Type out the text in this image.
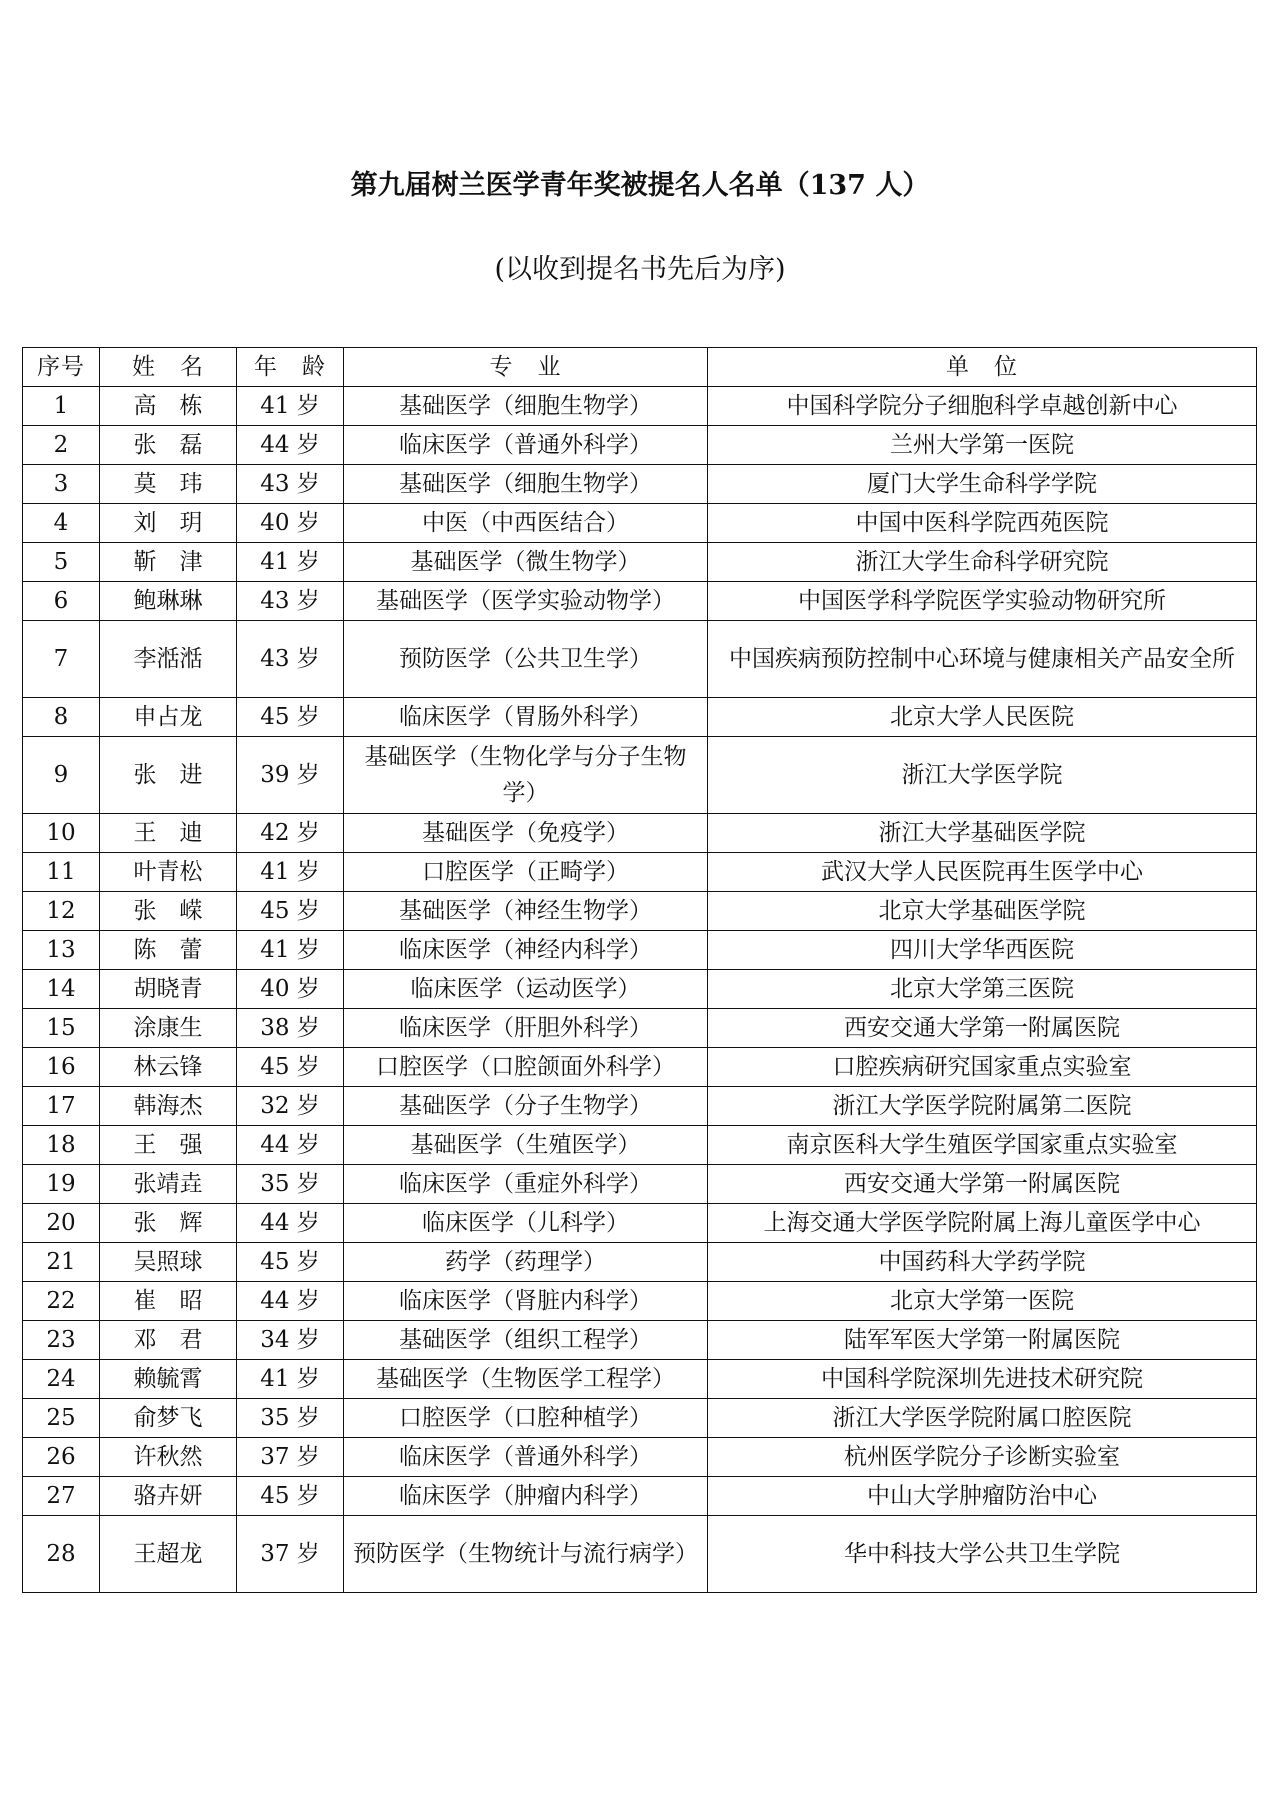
第九届树兰医学青年奖被提名人名单（137 人）

(以收到提名书先后为序)

序号	姓　名	年　龄	专　业	单　位
1	高　栋	41 岁	基础医学（细胞生物学）	中国科学院分子细胞科学卓越创新中心
2	张　磊	44 岁	临床医学（普通外科学）	兰州大学第一医院
3	莫　玮	43 岁	基础医学（细胞生物学）	厦门大学生命科学学院
4	刘　玥	40 岁	中医（中西医结合）	中国中医科学院西苑医院
5	靳　津	41 岁	基础医学（微生物学）	浙江大学生命科学研究院
6	鲍琳琳	43 岁	基础医学（医学实验动物学）	中国医学科学院医学实验动物研究所
7	李湉湉	43 岁	预防医学（公共卫生学）	中国疾病预防控制中心环境与健康相关产品安全所
8	申占龙	45 岁	临床医学（胃肠外科学）	北京大学人民医院
9	张　进	39 岁	基础医学（生物化学与分子生物学）	浙江大学医学院
10	王　迪	42 岁	基础医学（免疫学）	浙江大学基础医学院
11	叶青松	41 岁	口腔医学（正畸学）	武汉大学人民医院再生医学中心
12	张　嵘	45 岁	基础医学（神经生物学）	北京大学基础医学院
13	陈　蕾	41 岁	临床医学（神经内科学）	四川大学华西医院
14	胡晓青	40 岁	临床医学（运动医学）	北京大学第三医院
15	涂康生	38 岁	临床医学（肝胆外科学）	西安交通大学第一附属医院
16	林云锋	45 岁	口腔医学（口腔颌面外科学）	口腔疾病研究国家重点实验室
17	韩海杰	32 岁	基础医学（分子生物学）	浙江大学医学院附属第二医院
18	王　强	44 岁	基础医学（生殖医学）	南京医科大学生殖医学国家重点实验室
19	张靖垚	35 岁	临床医学（重症外科学）	西安交通大学第一附属医院
20	张　辉	44 岁	临床医学（儿科学）	上海交通大学医学院附属上海儿童医学中心
21	吴照球	45 岁	药学（药理学）	中国药科大学药学院
22	崔　昭	44 岁	临床医学（肾脏内科学）	北京大学第一医院
23	邓　君	34 岁	基础医学（组织工程学）	陆军军医大学第一附属医院
24	赖毓霄	41 岁	基础医学（生物医学工程学）	中国科学院深圳先进技术研究院
25	俞梦飞	35 岁	口腔医学（口腔种植学）	浙江大学医学院附属口腔医院
26	许秋然	37 岁	临床医学（普通外科学）	杭州医学院分子诊断实验室
27	骆卉妍	45 岁	临床医学（肿瘤内科学）	中山大学肿瘤防治中心
28	王超龙	37 岁	预防医学（生物统计与流行病学）	华中科技大学公共卫生学院
